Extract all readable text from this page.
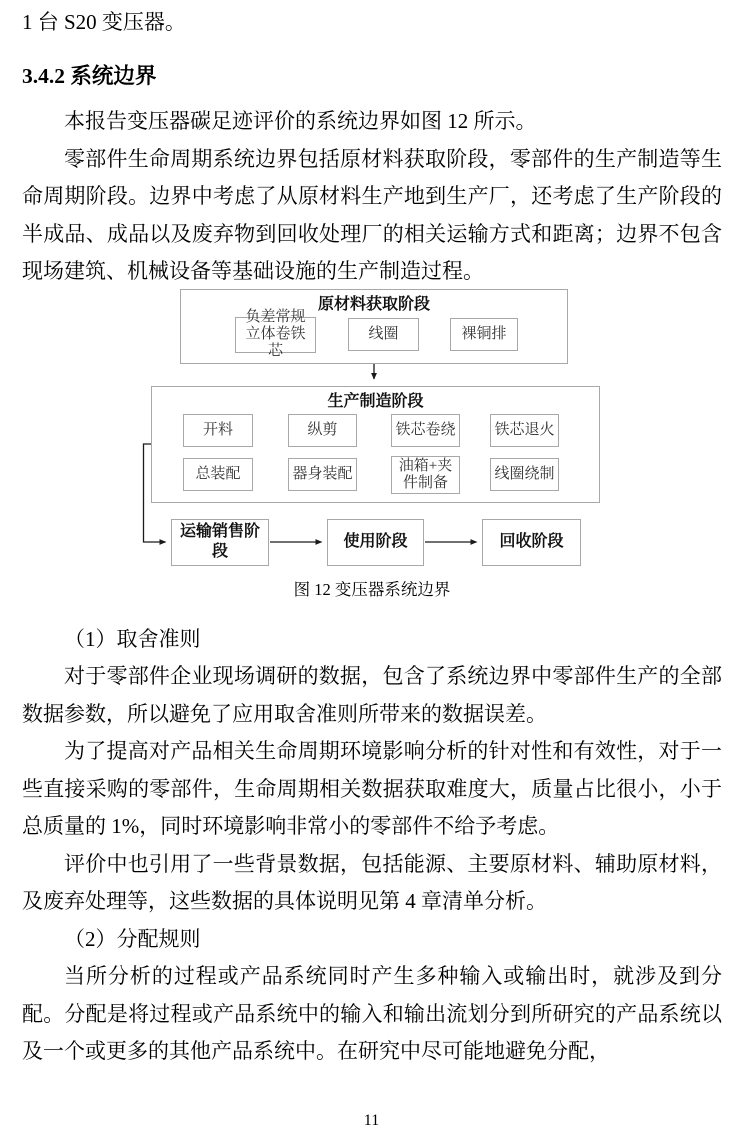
1 台 S20 变压器。

3.4.2 系统边界

本报告变压器碳足迹评价的系统边界如图 12 所示。

零部件生命周期系统边界包括原材料获取阶段，零部件的生产制造等生命周期阶段。边界中考虑了从原材料生产地到生产厂，还考虑了生产阶段的半成品、成品以及废弃物到回收处理厂的相关运输方式和距离；边界不包含现场建筑、机械设备等基础设施的生产制造过程。

原材料获取阶段
负差常规立体卷铁芯
线圈	裸铜排
生产制造阶段
开料	纵剪	铁芯卷绕	铁芯退火
总装配	器身装配	油箱+夹件制备
线圈绕制
运输销售阶段
使用阶段	回收阶段
图 12 变压器系统边界

（1）取舍准则

对于零部件企业现场调研的数据，包含了系统边界中零部件生产的全部数据参数，所以避免了应用取舍准则所带来的数据误差。

为了提高对产品相关生命周期环境影响分析的针对性和有效性，对于一些直接采购的零部件，生命周期相关数据获取难度大，质量占比很小，小于总质量的 1%，同时环境影响非常小的零部件不给予考虑。

评价中也引用了一些背景数据，包括能源、主要原材料、辅助原材料，及废弃处理等，这些数据的具体说明见第 4 章清单分析。

（2）分配规则

当所分析的过程或产品系统同时产生多种输入或输出时，就涉及到分配。分配是将过程或产品系统中的输入和输出流划分到所研究的产品系统以及一个或更多的其他产品系统中。在研究中尽可能地避免分配，

11
